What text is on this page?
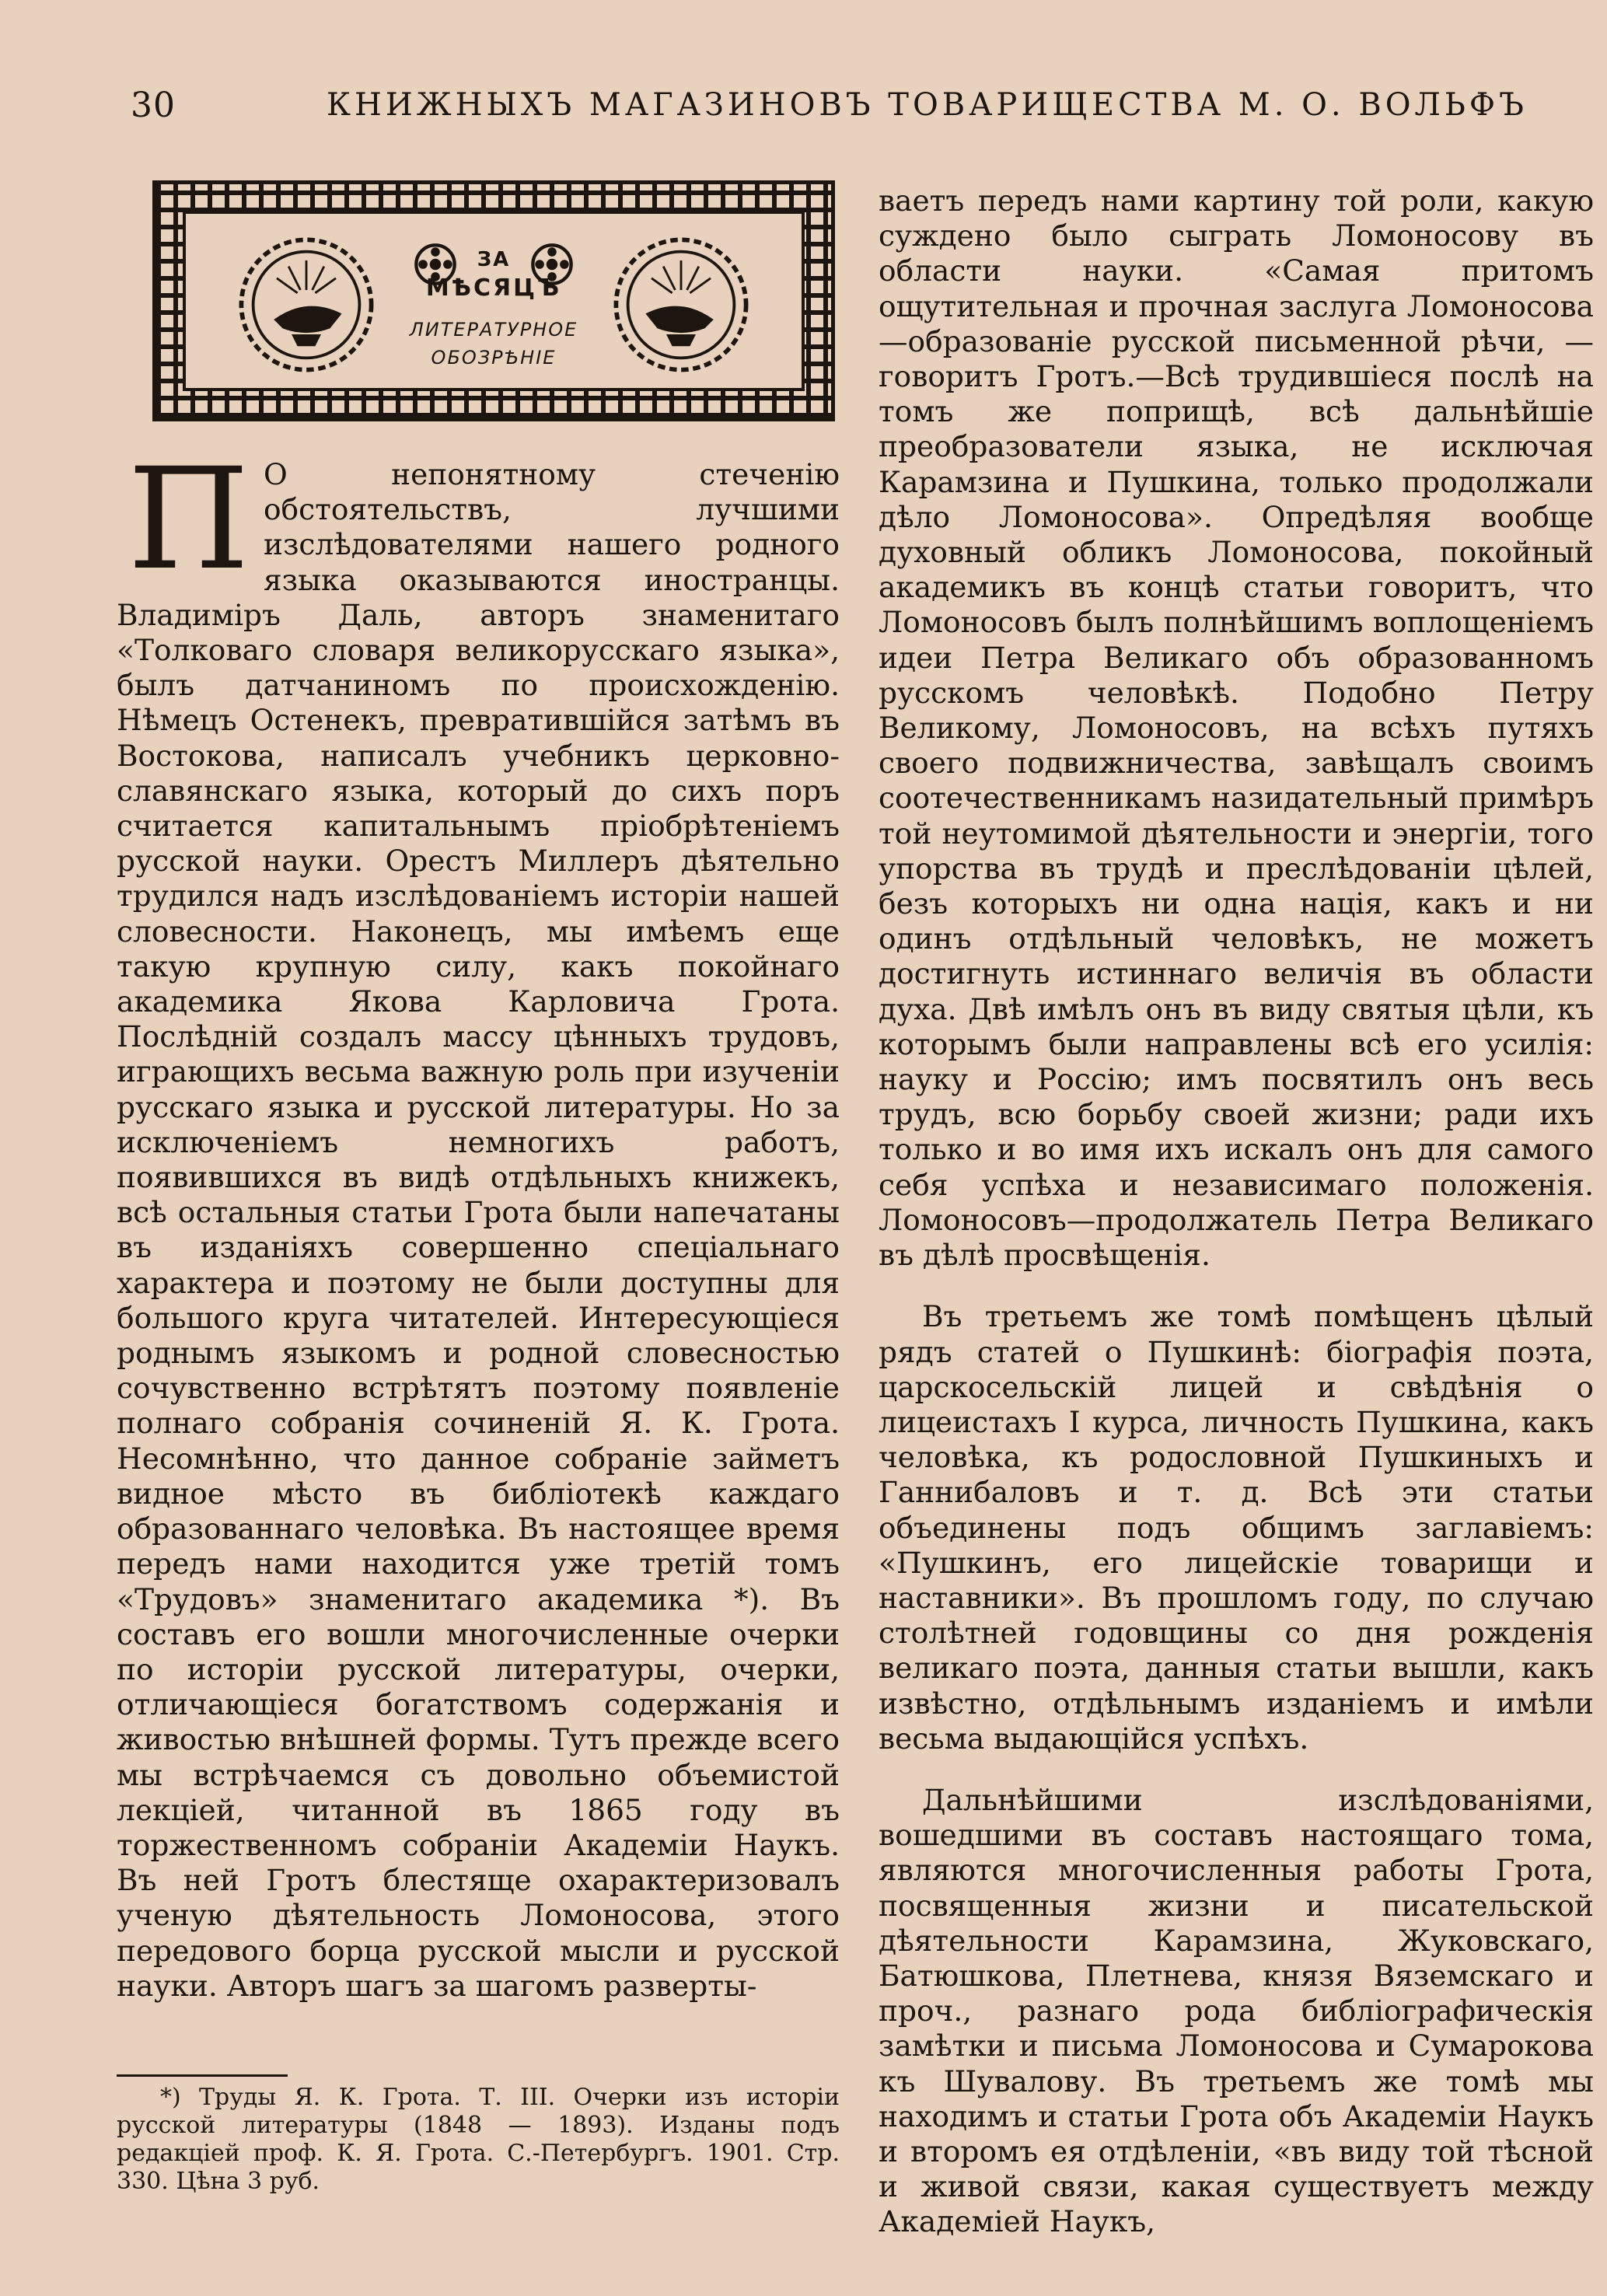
30	КНИЖНЫХЪ МАГАЗИНОВЪ ТОВАРИЩЕСТВА М. О. ВОЛЬФЪ
ЗА
МѢСЯЦЪ
ЛИТЕРАТУРНОЕ
ОБОЗРѢНІЕ

П О непонятному стеченію обстоятельствъ, лучшими изслѣдователями нашего родного языка оказываются иностранцы. Владиміръ Даль, авторъ знаменитаго «Толковаго словаря великорусскаго языка», былъ датчаниномъ по происхожденію. Нѣмецъ Остенекъ, превратившійся затѣмъ въ Востокова, написалъ учебникъ церковно-славянскаго языка, который до сихъ поръ считается капитальнымъ пріобрѣтеніемъ русской науки. Орестъ Миллеръ дѣятельно трудился надъ изслѣдованіемъ исторіи нашей словесности. Наконецъ, мы имѣемъ еще такую крупную силу, какъ покойнаго академика Якова Карловича Грота. Послѣдній создалъ массу цѣнныхъ трудовъ, играющихъ весьма важную роль при изученіи русскаго языка и русской литературы. Но за исключеніемъ немногихъ работъ, появившихся въ видѣ отдѣльныхъ книжекъ, всѣ остальныя статьи Грота были напечатаны въ изданіяхъ совершенно спеціальнаго характера и поэтому не были доступны для большого круга читателей. Интересующіеся роднымъ языкомъ и родной словесностью сочувственно встрѣтятъ поэтому появленіе полнаго собранія сочиненій Я. К. Грота. Несомнѣнно, что данное собраніе займетъ видное мѣсто въ библіотекѣ каждаго образованнаго человѣка. Въ настоящее время передъ нами находится уже третій томъ «Трудовъ» знаменитаго академика *). Въ составъ его вошли многочисленные очерки по исторіи русской литературы, очерки, отличающіеся богатствомъ содержанія и живостью внѣшней формы. Тутъ прежде всего мы встрѣчаемся съ довольно объемистой лекціей, читанной въ 1865 году въ торжественномъ собраніи Академіи Наукъ. Въ ней Гротъ блестяще охарактеризовалъ ученую дѣятельность Ломоносова, этого передового борца русской мысли и русской науки. Авторъ шагъ за шагомъ разверты-

*) Труды Я. К. Грота. Т. III. Очерки изъ исторіи русской литературы (1848 — 1893). Изданы подъ редакціей проф. К. Я. Грота. С.-Петербургъ. 1901. Стр. 330. Цѣна 3 руб.

ваетъ передъ нами картину той роли, какую суждено было сыграть Ломоносову въ области науки. «Самая притомъ ощутительная и прочная заслуга Ломоносова—образованіе русской письменной рѣчи, — говоритъ Гротъ.—Всѣ трудившіеся послѣ на томъ же поприщѣ, всѣ дальнѣйшіе преобразователи языка, не исключая Карамзина и Пушкина, только продолжали дѣло Ломоносова». Опредѣляя вообще духовный обликъ Ломоносова, покойный академикъ въ концѣ статьи говоритъ, что Ломоносовъ былъ полнѣйшимъ воплощеніемъ идеи Петра Великаго объ образованномъ русскомъ человѣкѣ. Подобно Петру Великому, Ломоносовъ, на всѣхъ путяхъ своего подвижничества, завѣщалъ своимъ соотечественникамъ назидательный примѣръ той неутомимой дѣятельности и энергіи, того упорства въ трудѣ и преслѣдованіи цѣлей, безъ которыхъ ни одна нація, какъ и ни одинъ отдѣльный человѣкъ, не можетъ достигнуть истиннаго величія въ области духа. Двѣ имѣлъ онъ въ виду святыя цѣли, къ которымъ были направлены всѣ его усилія: науку и Россію; имъ посвятилъ онъ весь трудъ, всю борьбу своей жизни; ради ихъ только и во имя ихъ искалъ онъ для самого себя успѣха и независимаго положенія. Ломоносовъ—продолжатель Петра Великаго въ дѣлѣ просвѣщенія.

Въ третьемъ же томѣ помѣщенъ цѣлый рядъ статей о Пушкинѣ: біографія поэта, царскосельскій лицей и свѣдѣнія о лицеистахъ I курса, личность Пушкина, какъ человѣка, къ родословной Пушкиныхъ и Ганнибаловъ и т. д. Всѣ эти статьи объединены подъ общимъ заглавіемъ: «Пушкинъ, его лицейскіе товарищи и наставники». Въ прошломъ году, по случаю столѣтней годовщины со дня рожденія великаго поэта, данныя статьи вышли, какъ извѣстно, отдѣльнымъ изданіемъ и имѣли весьма выдающійся успѣхъ.

Дальнѣйшими изслѣдованіями, вошедшими въ составъ настоящаго тома, являются многочисленныя работы Грота, посвященныя жизни и писательской дѣятельности Карамзина, Жуковскаго, Батюшкова, Плетнева, князя Вяземскаго и проч., разнаго рода библіографическія замѣтки и письма Ломоносова и Сумарокова къ Шувалову. Въ третьемъ же томѣ мы находимъ и статьи Грота объ Академіи Наукъ и второмъ ея отдѣленіи, «въ виду той тѣсной и живой связи, какая существуетъ между Академіей Наукъ,
